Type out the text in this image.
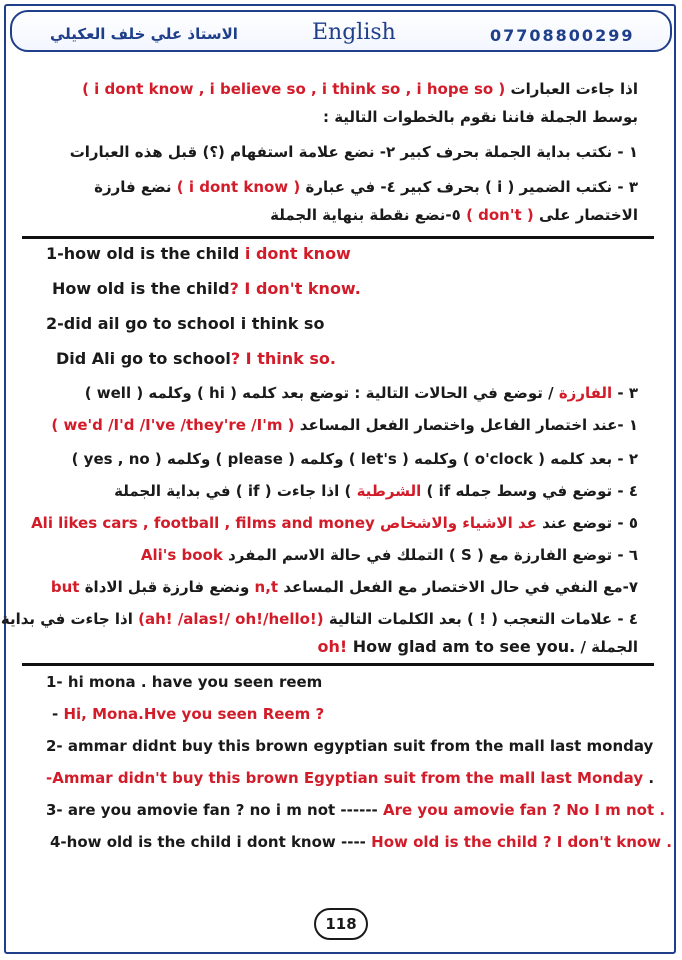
07708800299
English
الاستاذ علي خلف العكيلي
اذا جاءت العبارات ( i dont know , i believe so , i think so , i hope so )
بوسط الجملة فاننا نقوم بالخطوات التالية :
١ - نكتب بداية الجملة بحرف كبير ٢- نضع علامة استفهام (؟) قبل هذه العبارات
٣ - نكتب الضمير ( i ) بحرف كبير ٤- في عبارة ( i dont know ) نضع فارزة
الاختصار على ( don't ) ٥-نضع نقطة بنهاية الجملة
1-how old is the child i dont know
How old is the child? I don't know.
2-did ail go to school i think so
Did Ali go to school? I think so.
٣ - الفارزة / توضع في الحالات التالية : توضع بعد كلمه ( well ) وكلمه ( hi )
١ -عند اختصار الفاعل واختصار الفعل المساعد ( we'd /I'd /I've /they're /I'm )
٢ - بعد كلمه ( yes , no ) وكلمه ( please ) وكلمه ( let's ) وكلمه ( o'clock )
٤ - توضع في وسط جمله ( if الشرطية ) اذا جاءت ( if ) في بداية الجملة
٥ - توضع عند عد الاشياء والاشخاص Ali likes cars , football , films and money
٦ - توضع الفارزة مع ( S ) التملك في حالة الاسم المفرد Ali's book
٧-مع النفي في حال الاختصار مع الفعل المساعد n,t ونضع فارزة قبل الاداة but
٤ - علامات التعجب ( ! ) بعد الكلمات التالية (ah! /alas!/ oh!/hello!) اذا جاءت في بداية
الجملة / oh! How glad am to see you.
1- hi mona . have you seen reem
- Hi, Mona.Hve you seen Reem ?
2- ammar didnt buy this brown egyptian suit from the mall last monday
-Ammar didn't buy this brown Egyptian suit from the mall last Monday .
3- are you amovie fan ? no i m not ------ Are you amovie fan ? No I m not .
4-how old is the child i dont know ---- How old is the child ? I don't know .
118
